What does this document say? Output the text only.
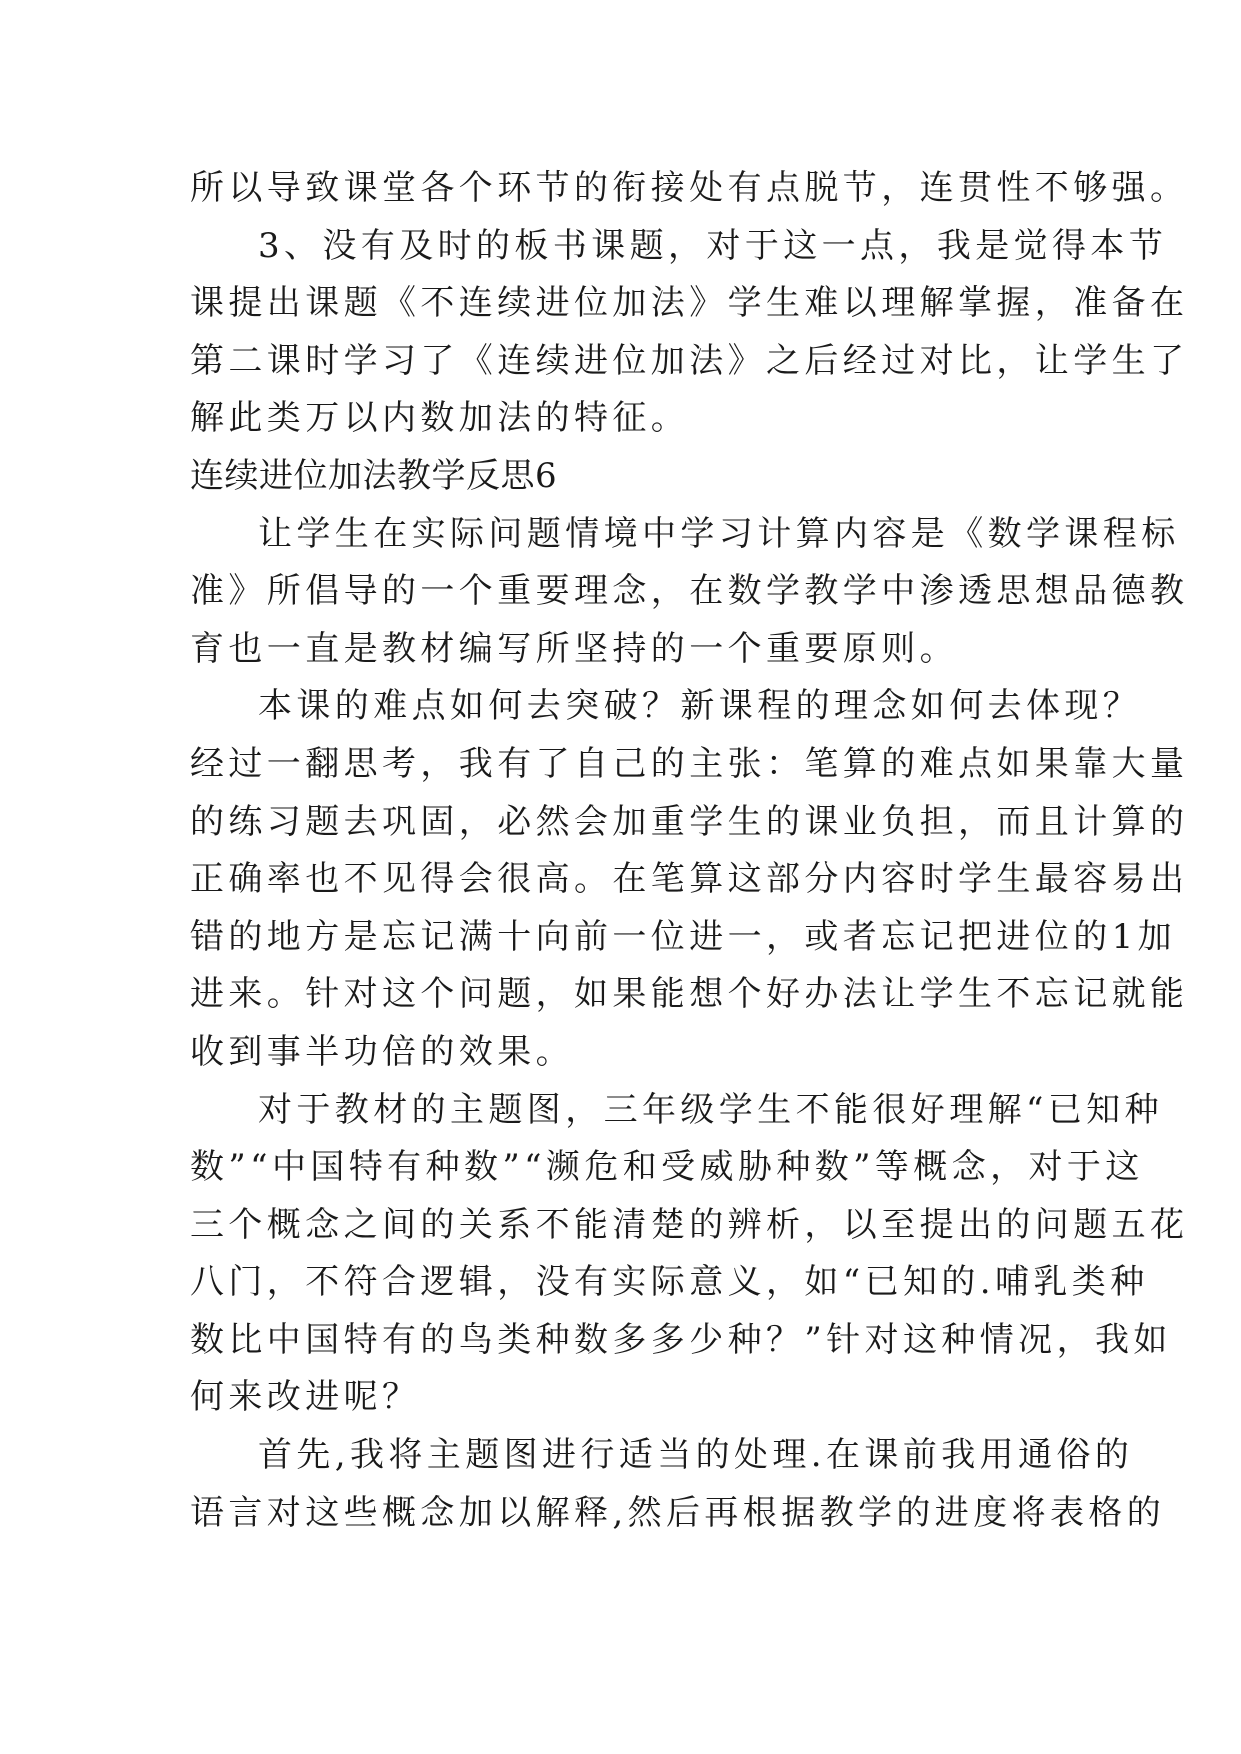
所以导致课堂各个环节的衔接处有点脱节，连贯性不够强。
3、没有及时的板书课题，对于这一点，我是觉得本节
课提出课题《不连续进位加法》学生难以理解掌握，准备在
第二课时学习了《连续进位加法》之后经过对比，让学生了
解此类万以内数加法的特征。
连续进位加法教学反思6
让学生在实际问题情境中学习计算内容是《数学课程标
准》所倡导的一个重要理念，在数学教学中渗透思想品德教
育也一直是教材编写所坚持的一个重要原则。
本课的难点如何去突破？新课程的理念如何去体现？
经过一翻思考，我有了自己的主张：笔算的难点如果靠大量
的练习题去巩固，必然会加重学生的课业负担，而且计算的
正确率也不见得会很高。在笔算这部分内容时学生最容易出
错的地方是忘记满十向前一位进一，或者忘记把进位的1加
进来。针对这个问题，如果能想个好办法让学生不忘记就能
收到事半功倍的效果。
对于教材的主题图，三年级学生不能很好理解“已知种
数”“中国特有种数”“濒危和受威胁种数”等概念，对于这
三个概念之间的关系不能清楚的辨析，以至提出的问题五花
八门，不符合逻辑，没有实际意义，如“已知的.哺乳类种
数比中国特有的鸟类种数多多少种？”针对这种情况，我如
何来改进呢？
首先,我将主题图进行适当的处理.在课前我用通俗的
语言对这些概念加以解释,然后再根据教学的进度将表格的
